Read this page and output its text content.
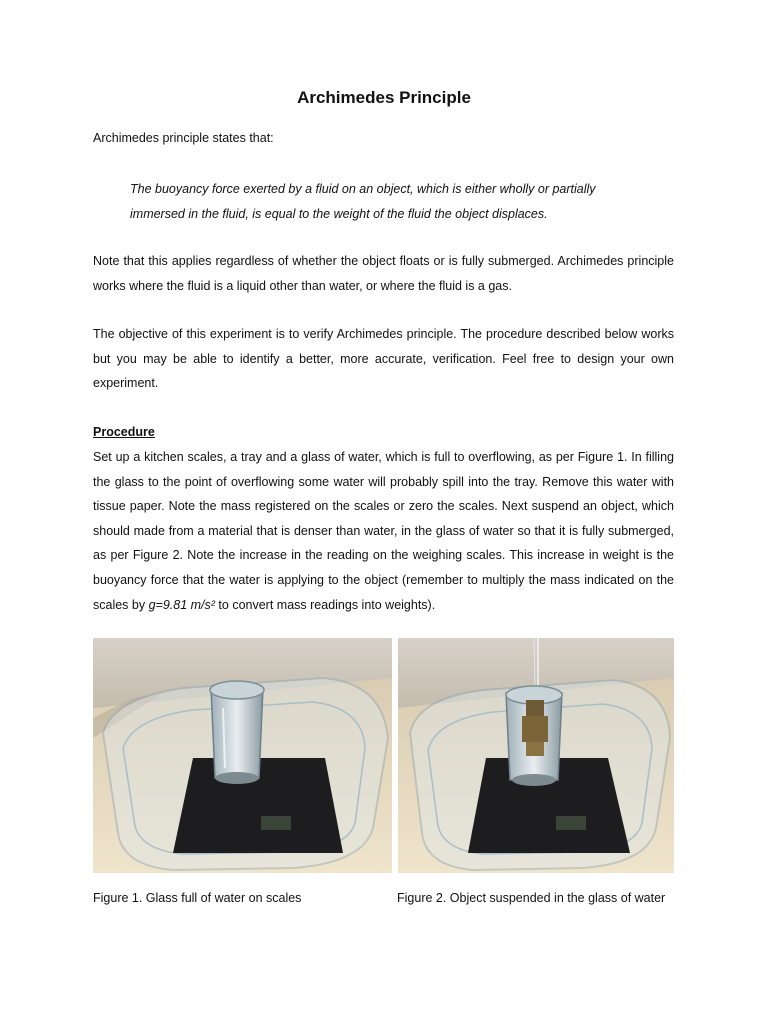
Archimedes Principle

Archimedes principle states that:

The buoyancy force exerted by a fluid on an object, which is either wholly or partially immersed in the fluid, is equal to the weight of the fluid the object displaces.

Note that this applies regardless of whether the object floats or is fully submerged. Archimedes principle works where the fluid is a liquid other than water, or where the fluid is a gas.

The objective of this experiment is to verify Archimedes principle. The procedure described below works but you may be able to identify a better, more accurate, verification. Feel free to design your own experiment.

Procedure

Set up a kitchen scales, a tray and a glass of water, which is full to overflowing, as per Figure 1. In filling the glass to the point of overflowing some water will probably spill into the tray. Remove this water with tissue paper. Note the mass registered on the scales or zero the scales. Next suspend an object, which should made from a material that is denser than water, in the glass of water so that it is fully submerged, as per Figure 2. Note the increase in the reading on the weighing scales. This increase in weight is the buoyancy force that the water is applying to the object (remember to multiply the mass indicated on the scales by g=9.81 m/s² to convert mass readings into weights).

Figure 1. Glass full of water on scales	Figure 2. Object suspended in the glass of water
